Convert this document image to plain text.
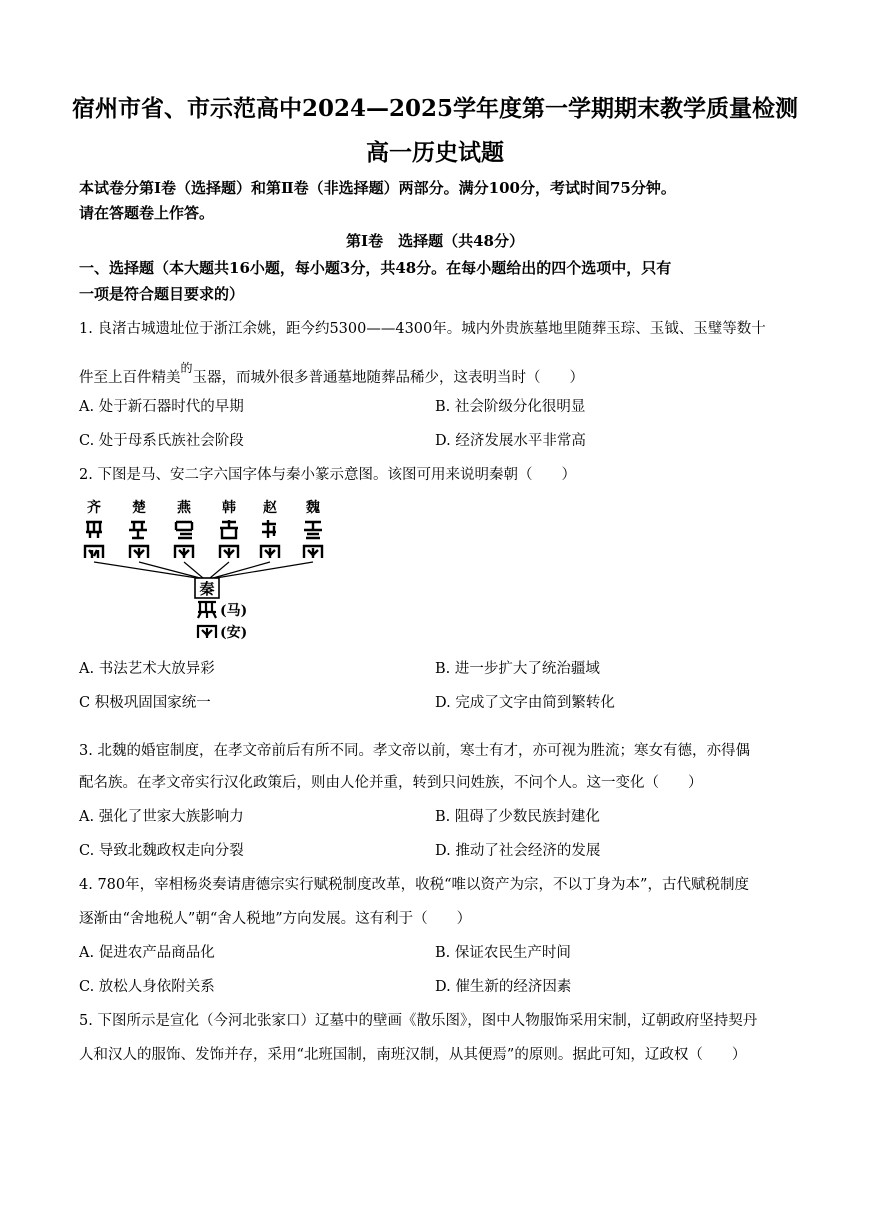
宿州市省、市示范高中2024—2025学年度第一学期期末教学质量检测
高一历史试题
本试卷分第Ⅰ卷（选择题）和第Ⅱ卷（非选择题）两部分。满分100分，考试时间75分钟。
请在答题卷上作答。
第Ⅰ卷　选择题（共48分）
一、选择题（本大题共16小题，每小题3分，共48分。在每小题给出的四个选项中，只有
一项是符合题目要求的）
1. 良渚古城遗址位于浙江余姚，距今约5300——4300年。城内外贵族墓地里随葬玉琮、玉钺、玉璧等数十
件至上百件精美$^的$玉器，而城外很多普通墓地随葬品稀少，这表明当时（　　）
A. 处于新石器时代的早期	B. 社会阶级分化很明显
C. 处于母系氏族社会阶段	D. 经济发展水平非常高
2. 下图是马、安二字六国字体与秦小篆示意图。该图可用来说明秦朝（　　）
齐 楚 燕 韩 赵 魏
秦
(马)
(安)
A. 书法艺术大放异彩	B. 进一步扩大了统治疆域
C 积极巩固国家统一	D. 完成了文字由简到繁转化
3. 北魏的婚宦制度，在孝文帝前后有所不同。孝文帝以前，寒士有才，亦可视为胜流；寒女有德，亦得偶
配名族。在孝文帝实行汉化政策后，则由人伦并重，转到只问姓族，不问个人。这一变化（　　）
A. 强化了世家大族影响力	B. 阻碍了少数民族封建化
C. 导致北魏政权走向分裂	D. 推动了社会经济的发展
4. 780年，宰相杨炎奏请唐德宗实行赋税制度改革，收税“唯以资产为宗，不以丁身为本”，古代赋税制度
逐渐由“舍地税人”朝“舍人税地”方向发展。这有利于（　　）
A. 促进农产品商品化	B. 保证农民生产时间
C. 放松人身依附关系	D. 催生新的经济因素
5. 下图所示是宣化（今河北张家口）辽墓中的壁画《散乐图》，图中人物服饰采用宋制，辽朝政府坚持契丹
人和汉人的服饰、发饰并存，采用“北班国制，南班汉制，从其便焉”的原则。据此可知，辽政权（　　）
